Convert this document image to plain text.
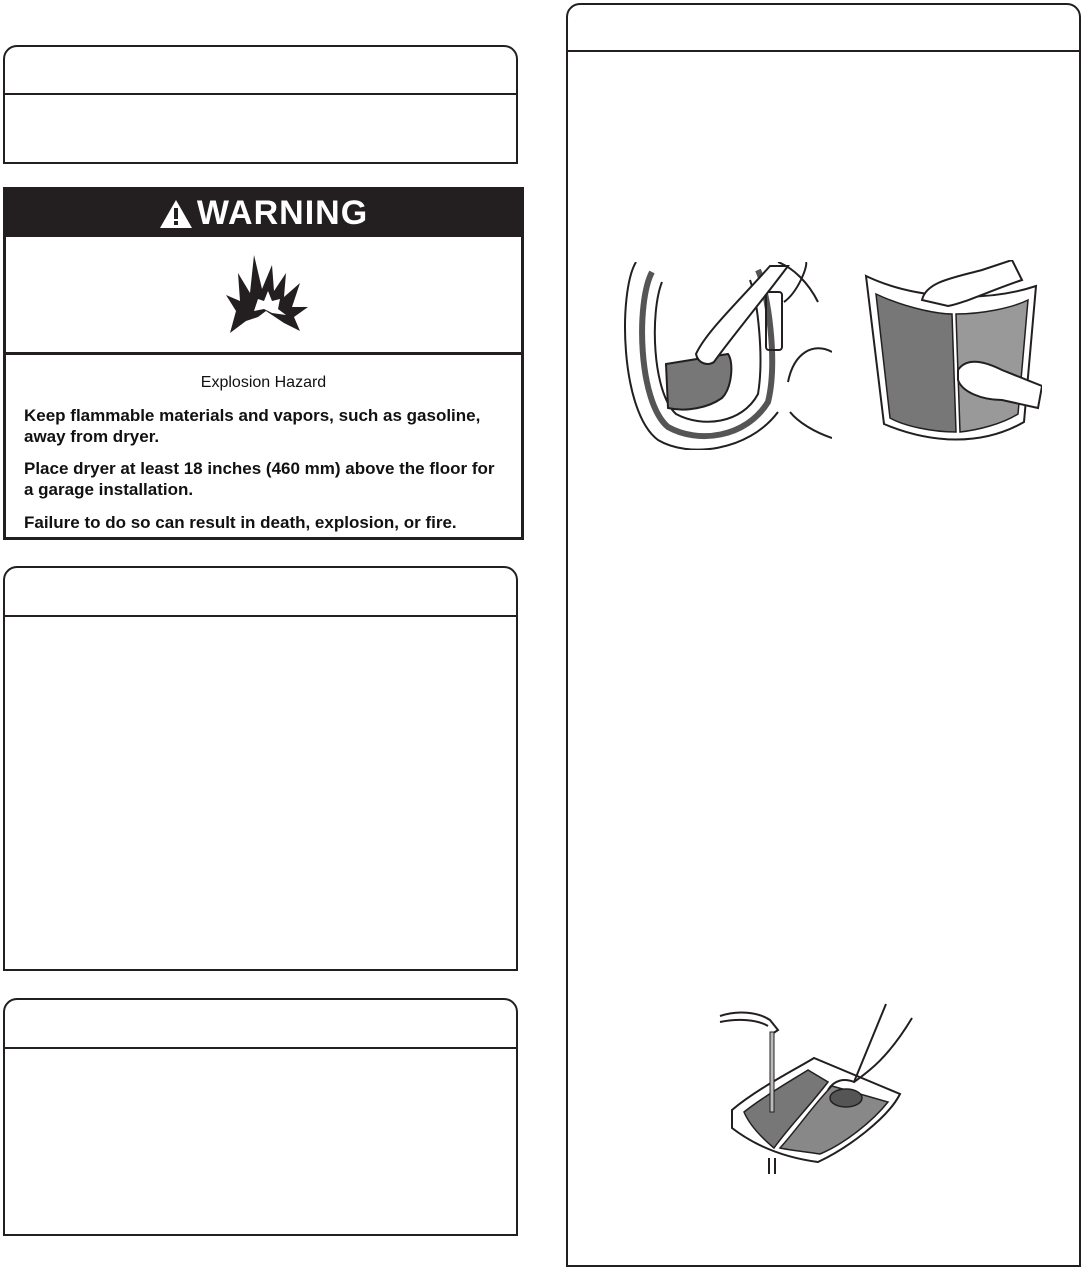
WARNING
Explosion Hazard
Keep flammable materials and vapors, such as gasoline, away from dryer.
Place dryer at least 18 inches (460 mm) above the floor for a garage installation.
Failure to do so can result in death, explosion, or fire.
